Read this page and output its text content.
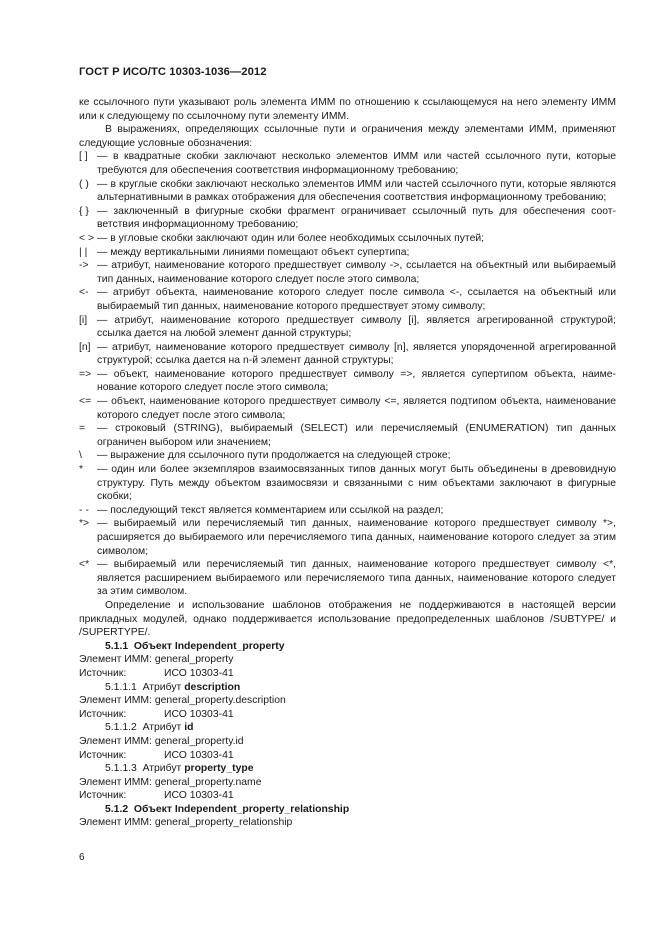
ГОСТ Р ИСО/ТС 10303-1036—2012

ке ссылочного пути указывают роль элемента ИММ по отношению к ссылающемуся на него элементу ИММ или к следующему по ссылочному пути элементу ИММ.

В выражениях, определяющих ссылочные пути и ограничения между элементами ИММ, применяют следующие условные обозначения:

[ ] — в квадратные скобки заключают несколько элементов ИММ или частей ссылочного пути, которые требуются для обеспечения соответствия информационному требованию;
( ) — в круглые скобки заключают несколько элементов ИММ или частей ссылочного пути, которые являются альтернативными в рамках отображения для обеспечения соответствия информационному требованию;
{ } — заключенный в фигурные скобки фрагмент ограничивает ссылочный путь для обеспечения соответствия информационному требованию;
< > — в угловые скобки заключают один или более необходимых ссылочных путей;
| | — между вертикальными линиями помещают объект супертипа;
-> — атрибут, наименование которого предшествует символу ->, ссылается на объектный или выбираемый тип данных, наименование которого следует после этого символа;
<- — атрибут объекта, наименование которого следует после символа <-, ссылается на объектный или выбираемый тип данных, наименование которого предшествует этому символу;
[i] — атрибут, наименование которого предшествует символу [i], является агрегированной структурой; ссылка дается на любой элемент данной структуры;
[n] — атрибут, наименование которого предшествует символу [n], является упорядоченной агрегированной структурой; ссылка дается на n-й элемент данной структуры;
=> — объект, наименование которого предшествует символу =>, является супертипом объекта, наименование которого следует после этого символа;
<= — объект, наименование которого предшествует символу <=, является подтипом объекта, наименование которого следует после этого символа;
=	— строковый (STRING), выбираемый (SELECT) или перечисляемый (ENUMERATION) тип данных ограничен выбором или значением;
\	— выражение для ссылочного пути продолжается на следующей строке;
*	— один или более экземпляров взаимосвязанных типов данных могут быть объединены в древовидную структуру. Путь между объектом взаимосвязи и связанными с ним объектами заключают в фигурные скобки;
- - — последующий текст является комментарием или ссылкой на раздел;
*> — выбираемый или перечисляемый тип данных, наименование которого предшествует символу *>, расширяется до выбираемого или перечисляемого типа данных, наименование которого следует за этим символом;
<* — выбираемый или перечисляемый тип данных, наименование которого предшествует символу <*, является расширением выбираемого или перечисляемого типа данных, наименование которого следует за этим символом.

Определение и использование шаблонов отображения не поддерживаются в настоящей версии прикладных модулей, однако поддерживается использование предопределенных шаблонов /SUBTYPE/ и /SUPERTYPE/.

5.1.1 Объект Independent_property
Элемент ИММ:
general_property
Источник:	ИСО 10303-41
5.1.1.1 Атрибут description
Элемент ИММ:
general_property.description
Источник:	ИСО 10303-41
5.1.1.2 Атрибут id
Элемент ИММ:
general_property.id
Источник:	ИСО 10303-41
5.1.1.3 Атрибут property_type
Элемент ИММ:
general_property.name
Источник:	ИСО 10303-41
5.1.2 Объект Independent_property_relationship
Элемент ИММ:
general_property_relationship
6
